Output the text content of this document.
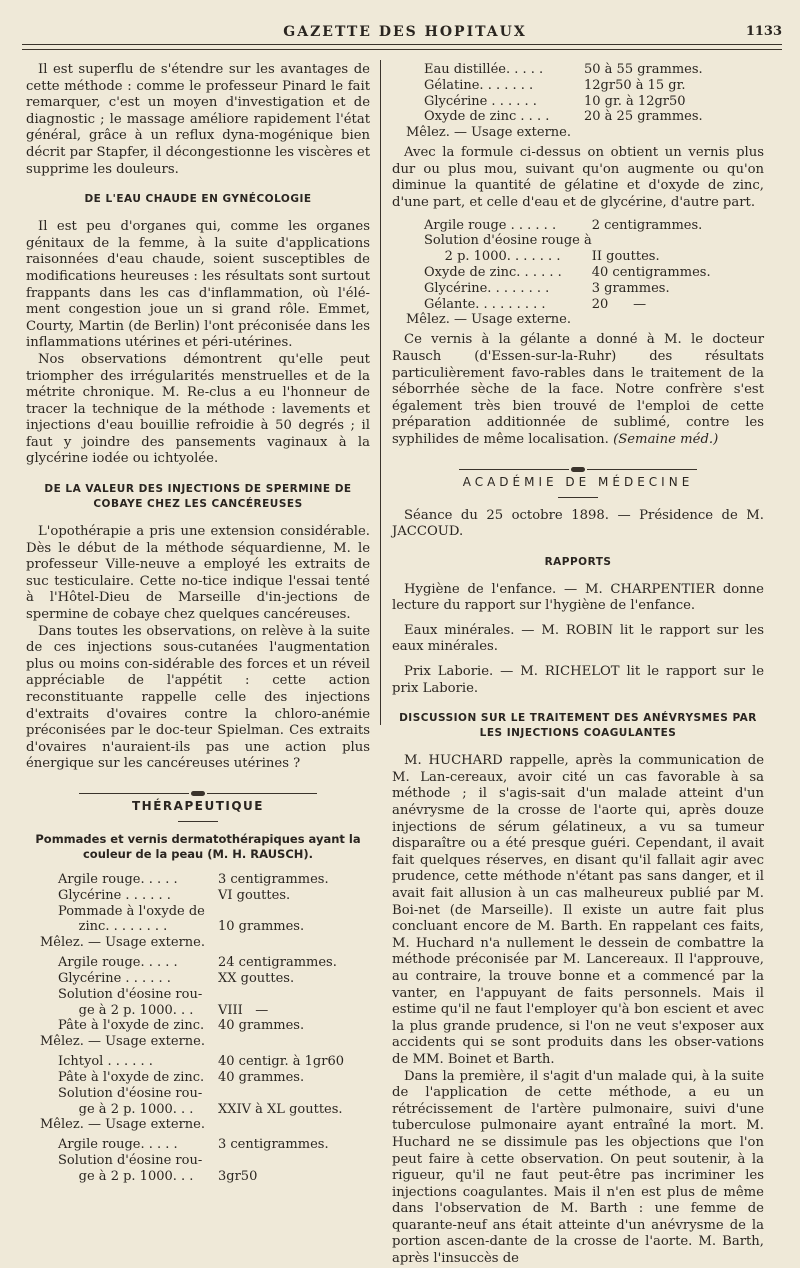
GAZETTE DES HOPITAUX	1133

Il est superflu de s'étendre sur les avantages de cette méthode : comme le professeur Pinard le fait remarquer, c'est un moyen d'investigation et de diagnostic ; le massage améliore rapidement l'état général, grâce à un reflux dyna-mogénique bien décrit par Stapfer, il décongestionne les viscères et supprime les douleurs.

DE L'EAU CHAUDE EN GYNÉCOLOGIE

Il est peu d'organes qui, comme les organes génitaux de la femme, à la suite d'applications raisonnées d'eau chaude, soient susceptibles de modifications heureuses : les résultats sont surtout frappants dans les cas d'inflammation, où l'élé-ment congestion joue un si grand rôle. Emmet, Courty, Martin (de Berlin) l'ont préconisée dans les inflammations utérines et péri-utérines.

Nos observations démontrent qu'elle peut triompher des irrégularités menstruelles et de la métrite chronique. M. Re-clus a eu l'honneur de tracer la technique de la méthode : lavements et injections d'eau bouillie refroidie à 50 degrés ; il faut y joindre des pansements vaginaux à la glycérine iodée ou ichtyolée.

DE LA VALEUR DES INJECTIONS DE SPERMINE DE COBAYE CHEZ LES CANCÉREUSES

L'opothérapie a pris une extension considérable. Dès le début de la méthode séquardienne, M. le professeur Ville-neuve a employé les extraits de suc testiculaire. Cette no-tice indique l'essai tenté à l'Hôtel-Dieu de Marseille d'in-jections de spermine de cobaye chez quelques cancéreuses.

Dans toutes les observations, on relève à la suite de ces injections sous-cutanées l'augmentation plus ou moins con-sidérable des forces et un réveil appréciable de l'appétit : cette action reconstituante rappelle celle des injections d'extraits d'ovaires contre la chloro-anémie préconisées par le doc-teur Spielman. Ces extraits d'ovaires n'auraient-ils pas une action plus énergique sur les cancéreuses utérines ?

THÉRAPEUTIQUE
Pommades et vernis dermatothérapiques ayant la couleur de la peau (M. H. RAUSCH).
Argile rouge. . . . .	3 centigrammes.
Glycérine . . . . . .	VI gouttes.
Pommade à l'oxyde de	
zinc. . . . . . . .	10 grammes.
Mêlez. — Usage externe.
Argile rouge. . . . .	24 centigrammes.
Glycérine . . . . . .	XX gouttes.
Solution d'éosine rou-	
ge à 2 p. 1000. . .	VIII   —
Pâte à l'oxyde de zinc.	40 grammes.
Mêlez. — Usage externe.
Ichtyol . . . . . .	40 centigr. à 1gr60
Pâte à l'oxyde de zinc.	40 grammes.
Solution d'éosine rou-	
ge à 2 p. 1000. . .	XXIV à XL gouttes.
Mêlez. — Usage externe.
Argile rouge. . . . .	3 centigrammes.
Solution d'éosine rou-	
ge à 2 p. 1000. . .	3gr50
Eau distillée. . . . .	50 à 55 grammes.
Gélatine. . . . . . .	12gr50 à 15 gr.
Glycérine . . . . . .	10 gr. à 12gr50
Oxyde de zinc . . . .	20 à 25 grammes.
Mêlez. — Usage externe.

Avec la formule ci-dessus on obtient un vernis plus dur ou plus mou, suivant qu'on augmente ou qu'on diminue la quantité de gélatine et d'oxyde de zinc, d'une part, et celle d'eau et de glycérine, d'autre part.

Argile rouge . . . . . .	2 centigrammes.
Solution d'éosine rouge à	
2 p. 1000. . . . . . .	II gouttes.
Oxyde de zinc. . . . . .	40 centigrammes.
Glycérine. . . . . . . .	3 grammes.
Gélante. . . . . . . . .	20      —
Mêlez. — Usage externe.

Ce vernis à la gélante a donné à M. le docteur Rausch (d'Essen-sur-la-Ruhr) des résultats particulièrement favo-rables dans le traitement de la séborrhée sèche de la face. Notre confrère s'est également très bien trouvé de l'emploi de cette préparation additionnée de sublimé, contre les syphilides de même localisation. (Semaine méd.)

ACADÉMIE DE MÉDECINE

Séance du 25 octobre 1898. — Présidence de M. JACCOUD.

RAPPORTS

Hygiène de l'enfance. — M. CHARPENTIER donne lecture du rapport sur l'hygiène de l'enfance.

Eaux minérales. — M. ROBIN lit le rapport sur les eaux minérales.

Prix Laborie. — M. RICHELOT lit le rapport sur le prix Laborie.

DISCUSSION SUR LE TRAITEMENT DES ANÉVRYSMES PAR LES INJECTIONS COAGULANTES

M. HUCHARD rappelle, après la communication de M. Lan-cereaux, avoir cité un cas favorable à sa méthode ; il s'agis-sait d'un malade atteint d'un anévrysme de la crosse de l'aorte qui, après douze injections de sérum gélatineux, a vu sa tumeur disparaître ou a été presque guéri. Cependant, il avait fait quelques réserves, en disant qu'il fallait agir avec prudence, cette méthode n'étant pas sans danger, et il avait fait allusion à un cas malheureux publié par M. Boi-net (de Marseille). Il existe un autre fait plus concluant encore de M. Barth. En rappelant ces faits, M. Huchard n'a nullement le dessein de combattre la méthode préconisée par M. Lancereaux. Il l'approuve, au contraire, la trouve bonne et a commencé par la vanter, en l'appuyant de faits personnels. Mais il estime qu'il ne faut l'employer qu'à bon escient et avec la plus grande prudence, si l'on ne veut s'exposer aux accidents qui se sont produits dans les obser-vations de MM. Boinet et Barth.

Dans la première, il s'agit d'un malade qui, à la suite de l'application de cette méthode, a eu un rétrécissement de l'artère pulmonaire, suivi d'une tuberculose pulmonaire ayant entraîné la mort. M. Huchard ne se dissimule pas les objections que l'on peut faire à cette observation. On peut soutenir, à la rigueur, qu'il ne faut peut-être pas incriminer les injections coagulantes. Mais il n'en est plus de même dans l'observation de M. Barth : une femme de quarante-neuf ans était atteinte d'un anévrysme de la portion ascen-dante de la crosse de l'aorte. M. Barth, après l'insuccès de
